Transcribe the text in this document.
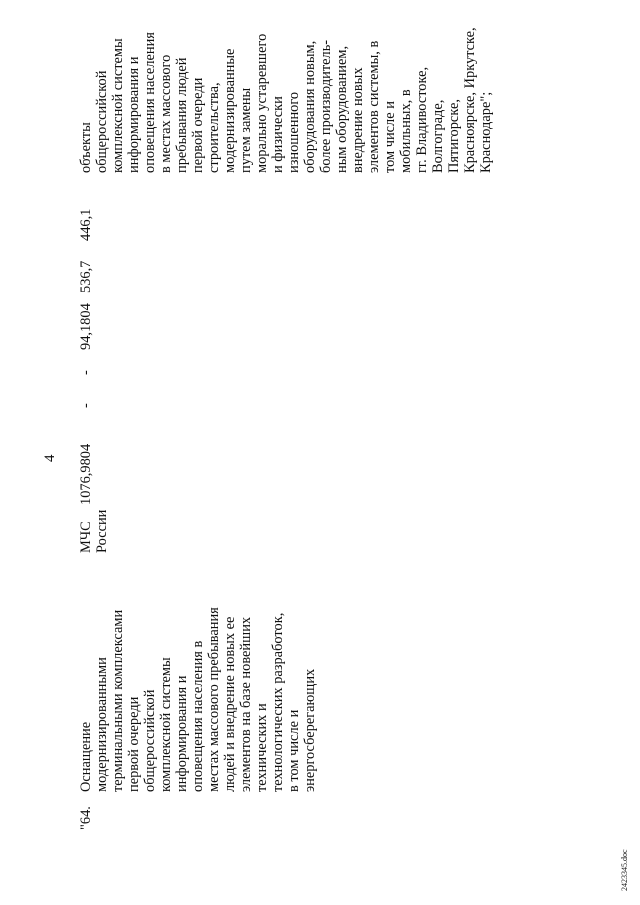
4
"64.
Оснащение модернизированными терминальными комплексами первой очереди общероссийской комплексной системы информирования и оповещения населения в местах массового пребывания людей и внедрение новых ее элементов на базе новейших технических и технологических разработок, в том числе и энергосберегающих
МЧС России
1076,9804
-
-
94,1804
536,7
446,1
объекты общероссийской комплексной системы информирования и оповещения населения в местах массового пребывания людей первой очереди строительства, модернизированные путем замены морально устаревшего и физически изношенного оборудования новым, более производитель- ным оборудованием, внедрение новых элементов системы, в том числе и мобильных, в гг. Владивостоке, Волгограде, Пятигорске, Красноярске, Иркутске, Краснодаре";
2423345.doc
